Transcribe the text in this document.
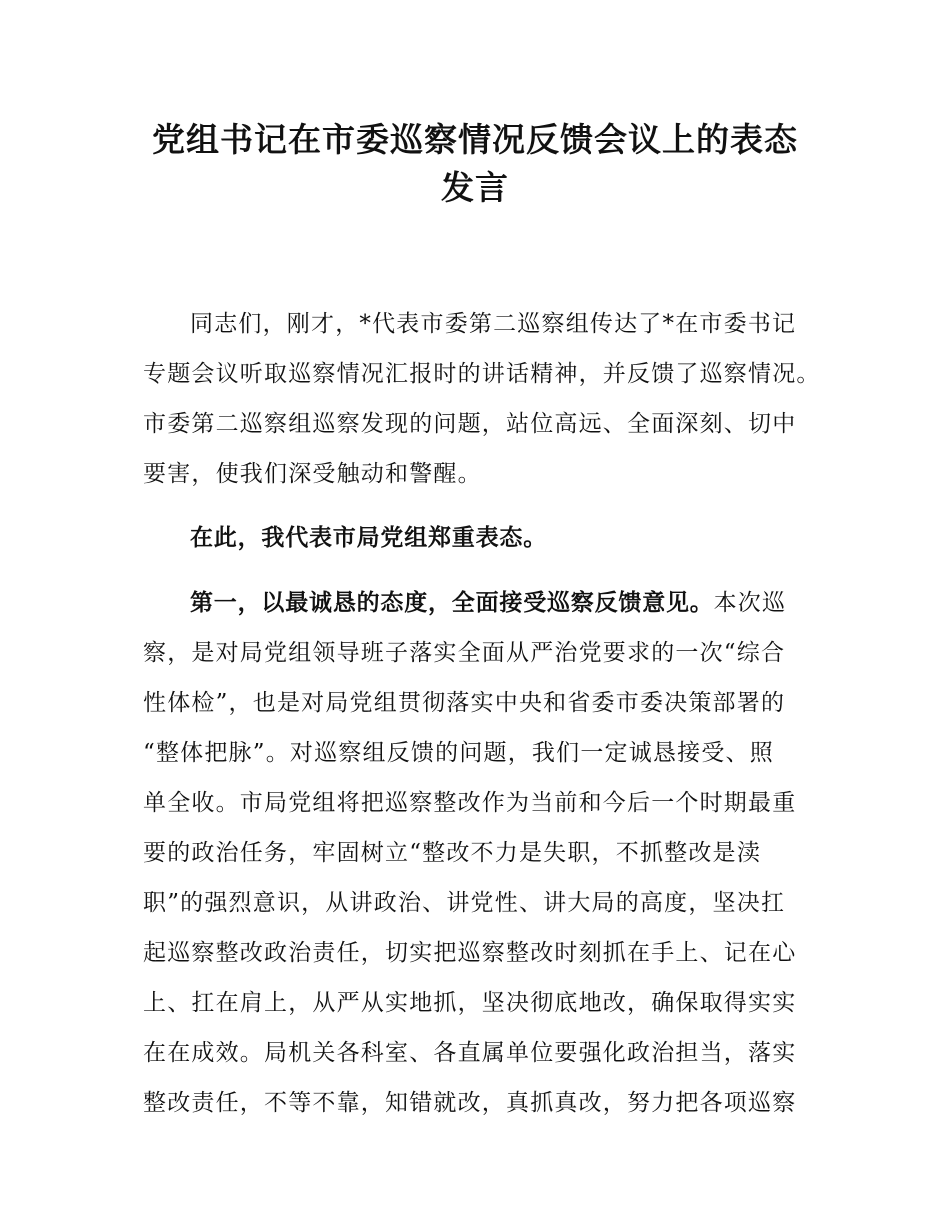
党组书记在市委巡察情况反馈会议上的表态
发言
同志们，刚才，*代表市委第二巡察组传达了*在市委书记
专题会议听取巡察情况汇报时的讲话精神，并反馈了巡察情况。
市委第二巡察组巡察发现的问题，站位高远、全面深刻、切中
要害，使我们深受触动和警醒。
在此，我代表市局党组郑重表态。
第一，以最诚恳的态度，全面接受巡察反馈意见。本次巡
察，是对局党组领导班子落实全面从严治党要求的一次“综合
性体检”，也是对局党组贯彻落实中央和省委市委决策部署的
“整体把脉”。对巡察组反馈的问题，我们一定诚恳接受、照
单全收。市局党组将把巡察整改作为当前和今后一个时期最重
要的政治任务，牢固树立“整改不力是失职，不抓整改是渎
职”的强烈意识，从讲政治、讲党性、讲大局的高度，坚决扛
起巡察整改政治责任，切实把巡察整改时刻抓在手上、记在心
上、扛在肩上，从严从实地抓，坚决彻底地改，确保取得实实
在在成效。局机关各科室、各直属单位要强化政治担当，落实
整改责任，不等不靠，知错就改，真抓真改，努力把各项巡察
